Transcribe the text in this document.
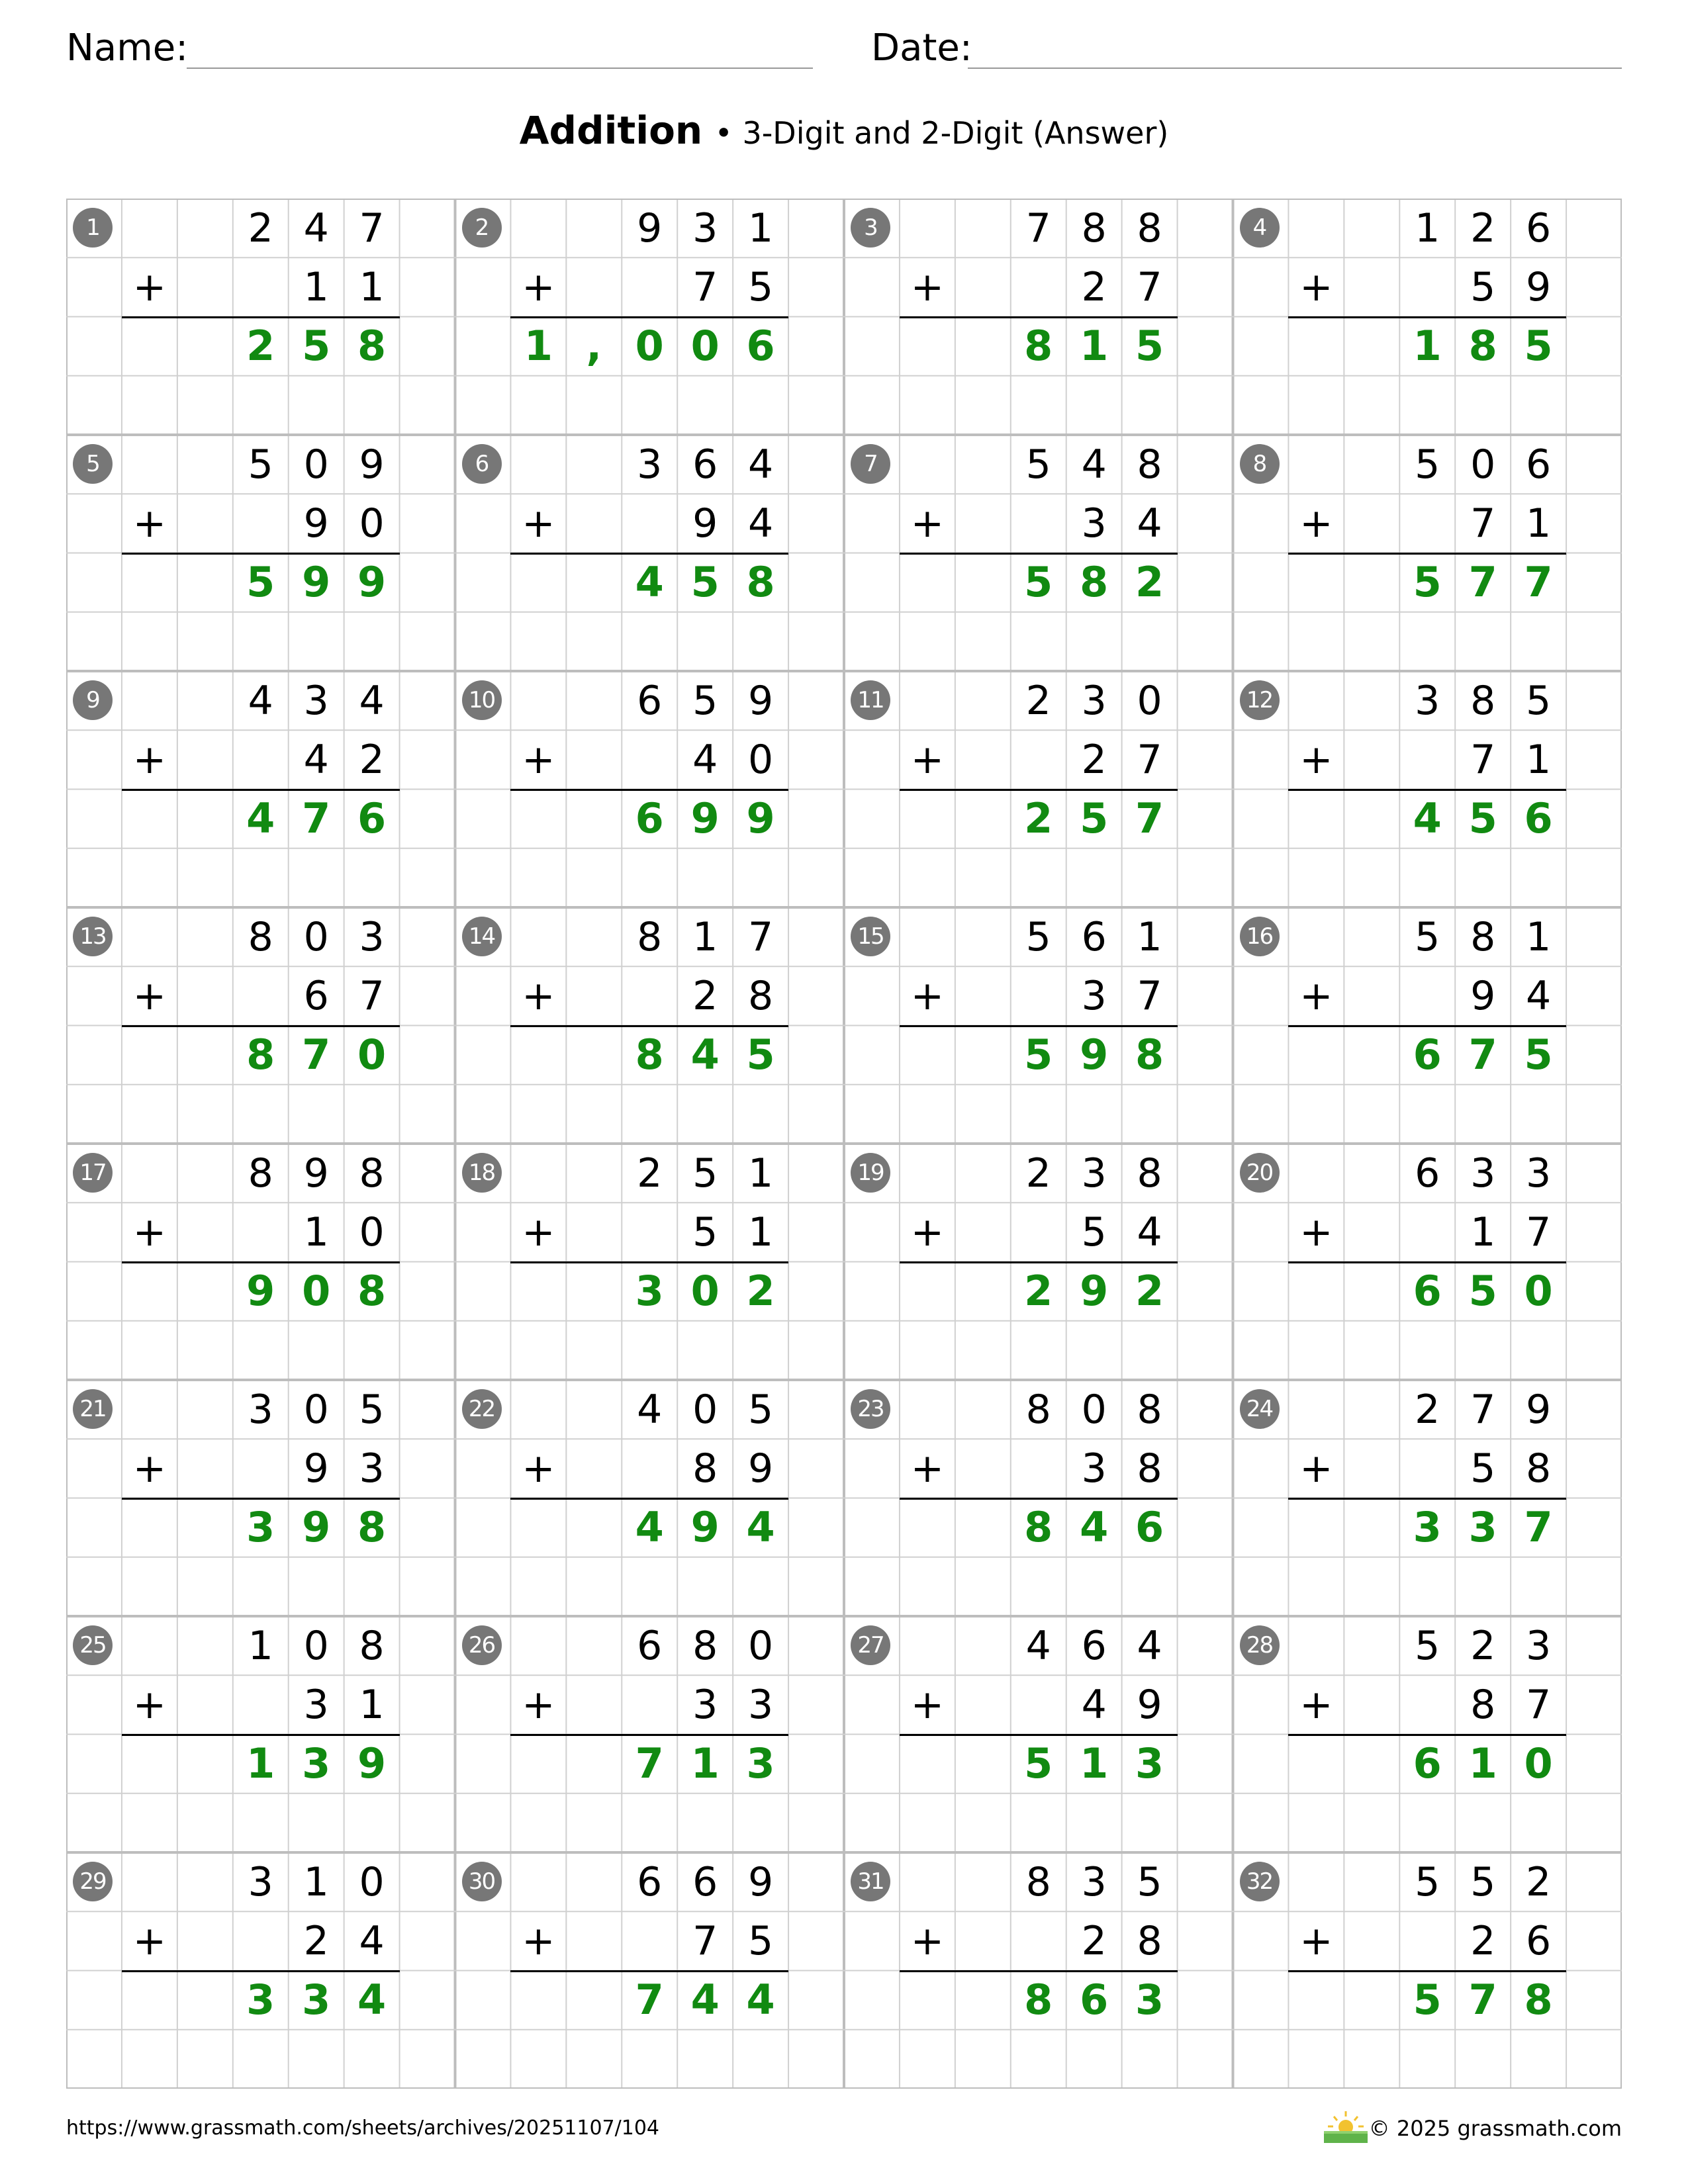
Name:	Date:
Addition • 3-Digit and 2-Digit (Answer)
1	2 4 7
+	1 1
2 5 8
2	9 3 1
+	7 5
1 , 0 0 6
3	7 8 8
+	2 7
8 1 5
4	1 2 6
+	5 9
1 8 5
5	5 0 9
+	9 0
5 9 9
6	3 6 4
+	9 4
4 5 8
7	5 4 8
+	3 4
5 8 2
8	5 0 6
+	7 1
5 7 7
9	4 3 4
+	4 2
4 7 6
10	6 5 9
+	4 0
6 9 9
11	2 3 0
+	2 7
2 5 7
12	3 8 5
+	7 1
4 5 6
13	8 0 3
+	6 7
8 7 0
14	8 1 7
+	2 8
8 4 5
15	5 6 1
+	3 7
5 9 8
16	5 8 1
+	9 4
6 7 5
17	8 9 8
+	1 0
9 0 8
18	2 5 1
+	5 1
3 0 2
19	2 3 8
+	5 4
2 9 2
20	6 3 3
+	1 7
6 5 0
21	3 0 5
+	9 3
3 9 8
22	4 0 5
+	8 9
4 9 4
23	8 0 8
+	3 8
8 4 6
24	2 7 9
+	5 8
3 3 7
25	1 0 8
+	3 1
1 3 9
26	6 8 0
+	3 3
7 1 3
27	4 6 4
+	4 9
5 1 3
28	5 2 3
+	8 7
6 1 0
29	3 1 0
+	2 4
3 3 4
30	6 6 9
+	7 5
7 4 4
31	8 3 5
+	2 8
8 6 3
32	5 5 2
+	2 6
5 7 8
https://www.grassmath.com/sheets/archives/20251107/104	© 2025 grassmath.com
